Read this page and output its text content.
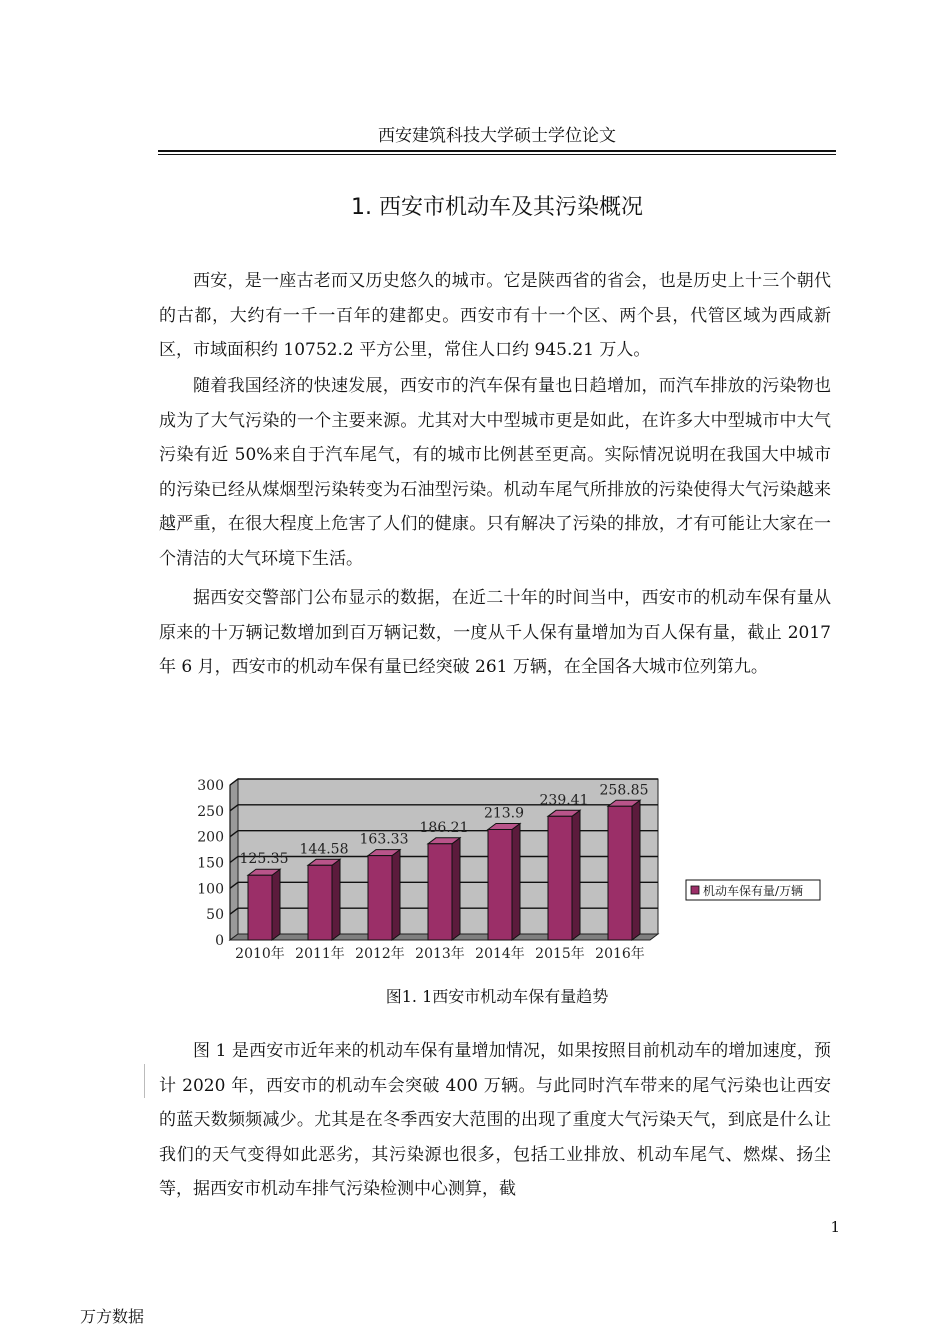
西安建筑科技大学硕士学位论文
1. 西安市机动车及其污染概况

西安，是一座古老而又历史悠久的城市。它是陕西省的省会，也是历史上十三个朝代的古都，大约有一千一百年的建都史。西安市有十一个区、两个县，代管区域为西咸新区，市域面积约 10752.2 平方公里，常住人口约 945.21 万人。

随着我国经济的快速发展，西安市的汽车保有量也日趋增加，而汽车排放的污染物也成为了大气污染的一个主要来源。尤其对大中型城市更是如此，在许多大中型城市中大气污染有近 50%来自于汽车尾气，有的城市比例甚至更高。实际情况说明在我国大中城市的污染已经从煤烟型污染转变为石油型污染。机动车尾气所排放的污染使得大气污染越来越严重，在很大程度上危害了人们的健康。只有解决了污染的排放，才有可能让大家在一个清洁的大气环境下生活。

据西安交警部门公布显示的数据，在近二十年的时间当中，西安市的机动车保有量从原来的十万辆记数增加到百万辆记数，一度从千人保有量增加为百人保有量，截止 2017 年 6 月，西安市的机动车保有量已经突破 261 万辆，在全国各大城市位列第九。

0
50
100
150
200
250
300
125.35
2010年
144.58
2011年
163.33
2012年
186.21
2013年
213.9
2014年
239.41
2015年
258.85
2016年
机动车保有量/万辆
图1. 1西安市机动车保有量趋势

图 1 是西安市近年来的机动车保有量增加情况，如果按照目前机动车的增加速度，预计 2020 年，西安市的机动车会突破 400 万辆。与此同时汽车带来的尾气污染也让西安的蓝天数频频减少。尤其是在冬季西安大范围的出现了重度大气污染天气，到底是什么让我们的天气变得如此恶劣，其污染源也很多，包括工业排放、机动车尾气、燃煤、扬尘等，据西安市机动车排气污染检测中心测算，截

1
万方数据
